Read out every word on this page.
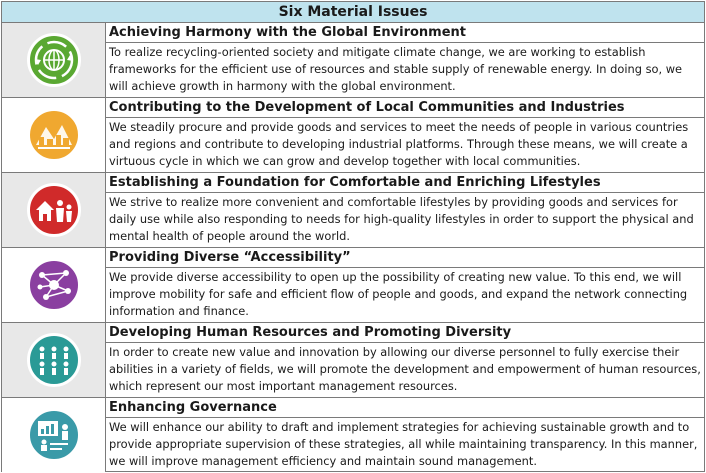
Six Material Issues
Achieving Harmony with the Global Environment
To realize recycling-oriented society and mitigate climate change, we are working to establish frameworks for the efficient use of resources and stable supply of renewable energy. In doing so, we will achieve growth in harmony with the global environment.
Contributing to the Development of Local Communities and Industries
We steadily procure and provide goods and services to meet the needs of people in various countries and regions and contribute to developing industrial platforms. Through these means, we will create a virtuous cycle in which we can grow and develop together with local communities.
Establishing a Foundation for Comfortable and Enriching Lifestyles
We strive to realize more convenient and comfortable lifestyles by providing goods and services for daily use while also responding to needs for high-quality lifestyles in order to support the physical and mental health of people around the world.
Providing Diverse “Accessibility”
We provide diverse accessibility to open up the possibility of creating new value. To this end, we will improve mobility for safe and efficient flow of people and goods, and expand the network connecting information and finance.
Developing Human Resources and Promoting Diversity
In order to create new value and innovation by allowing our diverse personnel to fully exercise their abilities in a variety of fields, we will promote the development and empowerment of human resources, which represent our most important management resources.
Enhancing Governance
We will enhance our ability to draft and implement strategies for achieving sustainable growth and to provide appropriate supervision of these strategies, all while maintaining transparency. In this manner, we will improve management efficiency and maintain sound management.
